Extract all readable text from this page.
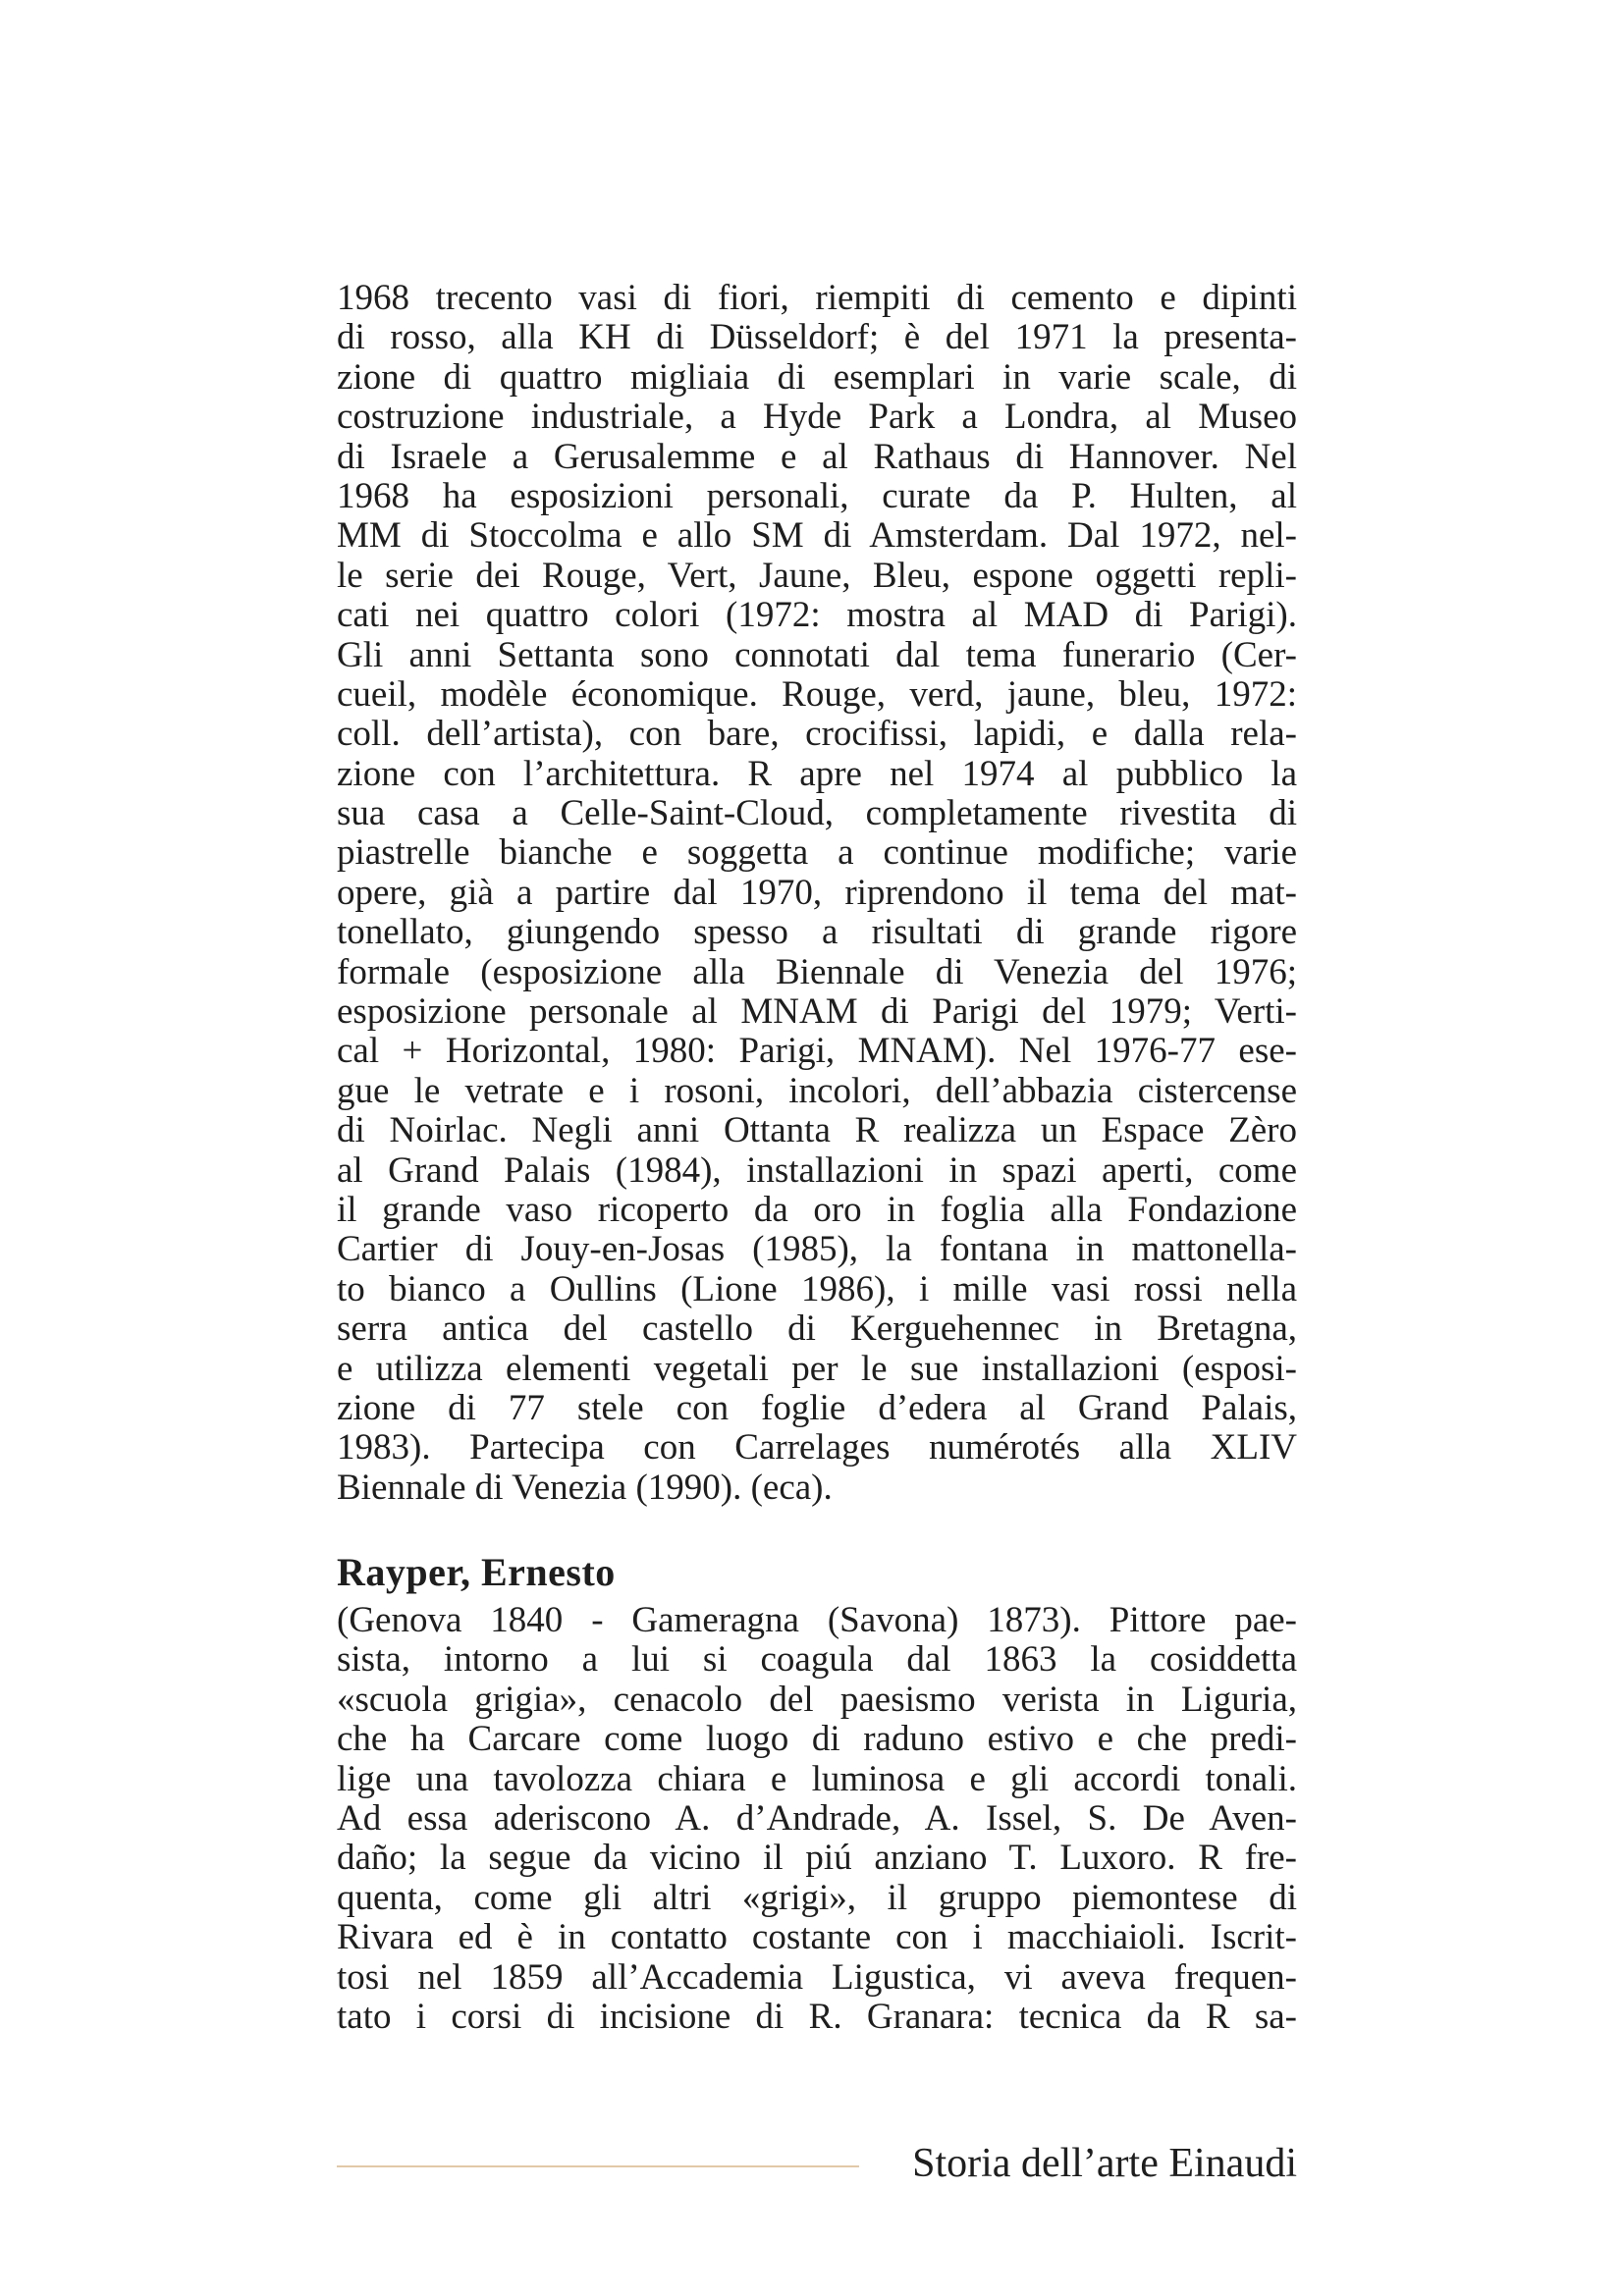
1968 trecento vasi di fiori, riempiti di cemento e dipinti
di rosso, alla KH di Düsseldorf; è del 1971 la presenta-
zione di quattro migliaia di esemplari in varie scale, di
costruzione industriale, a Hyde Park a Londra, al Museo
di Israele a Gerusalemme e al Rathaus di Hannover. Nel
1968 ha esposizioni personali, curate da P. Hulten, al
MM di Stoccolma e allo SM di Amsterdam. Dal 1972, nel-
le serie dei Rouge, Vert, Jaune, Bleu, espone oggetti repli-
cati nei quattro colori (1972: mostra al MAD di Parigi).
Gli anni Settanta sono connotati dal tema funerario (Cer-
cueil, modèle économique. Rouge, verd, jaune, bleu, 1972:
coll. dell’artista), con bare, crocifissi, lapidi, e dalla rela-
zione con l’architettura. R apre nel 1974 al pubblico la
sua casa a Celle-Saint-Cloud, completamente rivestita di
piastrelle bianche e soggetta a continue modifiche; varie
opere, già a partire dal 1970, riprendono il tema del mat-
tonellato, giungendo spesso a risultati di grande rigore
formale (esposizione alla Biennale di Venezia del 1976;
esposizione personale al MNAM di Parigi del 1979; Verti-
cal + Horizontal, 1980: Parigi, MNAM). Nel 1976-77 ese-
gue le vetrate e i rosoni, incolori, dell’abbazia cistercense
di Noirlac. Negli anni Ottanta R realizza un Espace Zèro
al Grand Palais (1984), installazioni in spazi aperti, come
il grande vaso ricoperto da oro in foglia alla Fondazione
Cartier di Jouy-en-Josas (1985), la fontana in mattonella-
to bianco a Oullins (Lione 1986), i mille vasi rossi nella
serra antica del castello di Kerguehennec in Bretagna,
e utilizza elementi vegetali per le sue installazioni (esposi-
zione di 77 stele con foglie d’edera al Grand Palais,
1983). Partecipa con Carrelages numérotés alla XLIV
Biennale di Venezia (1990). (eca).
Rayper, Ernesto
(Genova 1840 - Gameragna (Savona) 1873). Pittore pae-
sista, intorno a lui si coagula dal 1863 la cosiddetta
«scuola grigia», cenacolo del paesismo verista in Liguria,
che ha Carcare come luogo di raduno estivo e che predi-
lige una tavolozza chiara e luminosa e gli accordi tonali.
Ad essa aderiscono A. d’Andrade, A. Issel, S. De Aven-
daño; la segue da vicino il piú anziano T. Luxoro. R fre-
quenta, come gli altri «grigi», il gruppo piemontese di
Rivara ed è in contatto costante con i macchiaioli. Iscrit-
tosi nel 1859 all’Accademia Ligustica, vi aveva frequen-
tato i corsi di incisione di R. Granara: tecnica da R sa-
Storia dell’arte Einaudi
